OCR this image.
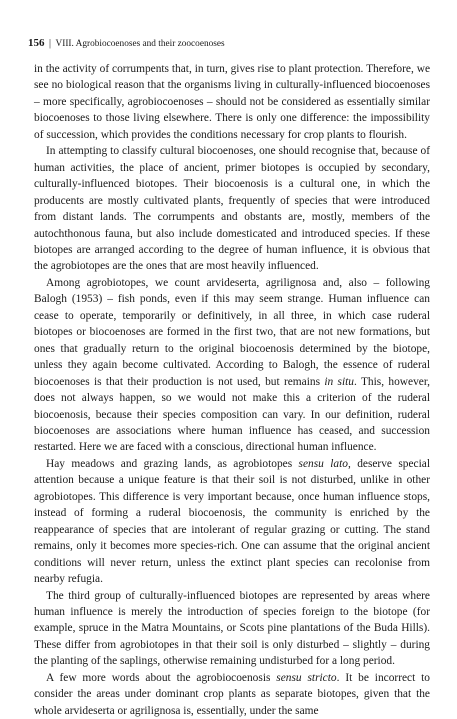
156 | VIII. Agrobiocoenoses and their zoocoenoses

in the activity of corrumpents that, in turn, gives rise to plant protection. Therefore, we see no biological reason that the organisms living in culturally-influenced biocoenoses – more specifically, agrobiocoenoses – should not be considered as essentially similar biocoenoses to those living elsewhere. There is only one difference: the impossibility of succession, which provides the conditions necessary for crop plants to flourish.

In attempting to classify cultural biocoenoses, one should recognise that, because of human activities, the place of ancient, primer biotopes is occupied by secondary, culturally-influenced biotopes. Their biocoenosis is a cultural one, in which the producents are mostly cultivated plants, frequently of species that were introduced from distant lands. The corrumpents and obstants are, mostly, members of the autochthonous fauna, but also include domesticated and introduced species. If these biotopes are arranged according to the degree of human influence, it is obvious that the agrobiotopes are the ones that are most heavily influenced.

Among agrobiotopes, we count arvideserta, agrilignosa and, also – following Balogh (1953) – fish ponds, even if this may seem strange. Human influence can cease to operate, temporarily or definitively, in all three, in which case ruderal biotopes or biocoenoses are formed in the first two, that are not new formations, but ones that gradually return to the original biocoenosis determined by the biotope, unless they again become cultivated. According to Balogh, the essence of ruderal biocoenoses is that their production is not used, but remains in situ. This, however, does not always happen, so we would not make this a criterion of the ruderal biocoenosis, because their species composition can vary. In our definition, ruderal biocoenoses are associations where human influence has ceased, and succession restarted. Here we are faced with a conscious, directional human influence.

Hay meadows and grazing lands, as agrobiotopes sensu lato, deserve special attention because a unique feature is that their soil is not disturbed, unlike in other agrobiotopes. This difference is very important because, once human influence stops, instead of forming a ruderal biocoenosis, the community is enriched by the reappearance of species that are intolerant of regular grazing or cutting. The stand remains, only it becomes more species-rich. One can assume that the original ancient conditions will never return, unless the extinct plant species can recolonise from nearby refugia.

The third group of culturally-influenced biotopes are represented by areas where human influence is merely the introduction of species foreign to the biotope (for example, spruce in the Matra Mountains, or Scots pine plantations of the Buda Hills). These differ from agrobiotopes in that their soil is only disturbed – slightly – during the planting of the saplings, otherwise remaining undisturbed for a long period.

A few more words about the agrobiocoenosis sensu stricto. It be incorrect to consider the areas under dominant crop plants as separate biotopes, given that the whole arvideserta or agrilignosa is, essentially, under the same
